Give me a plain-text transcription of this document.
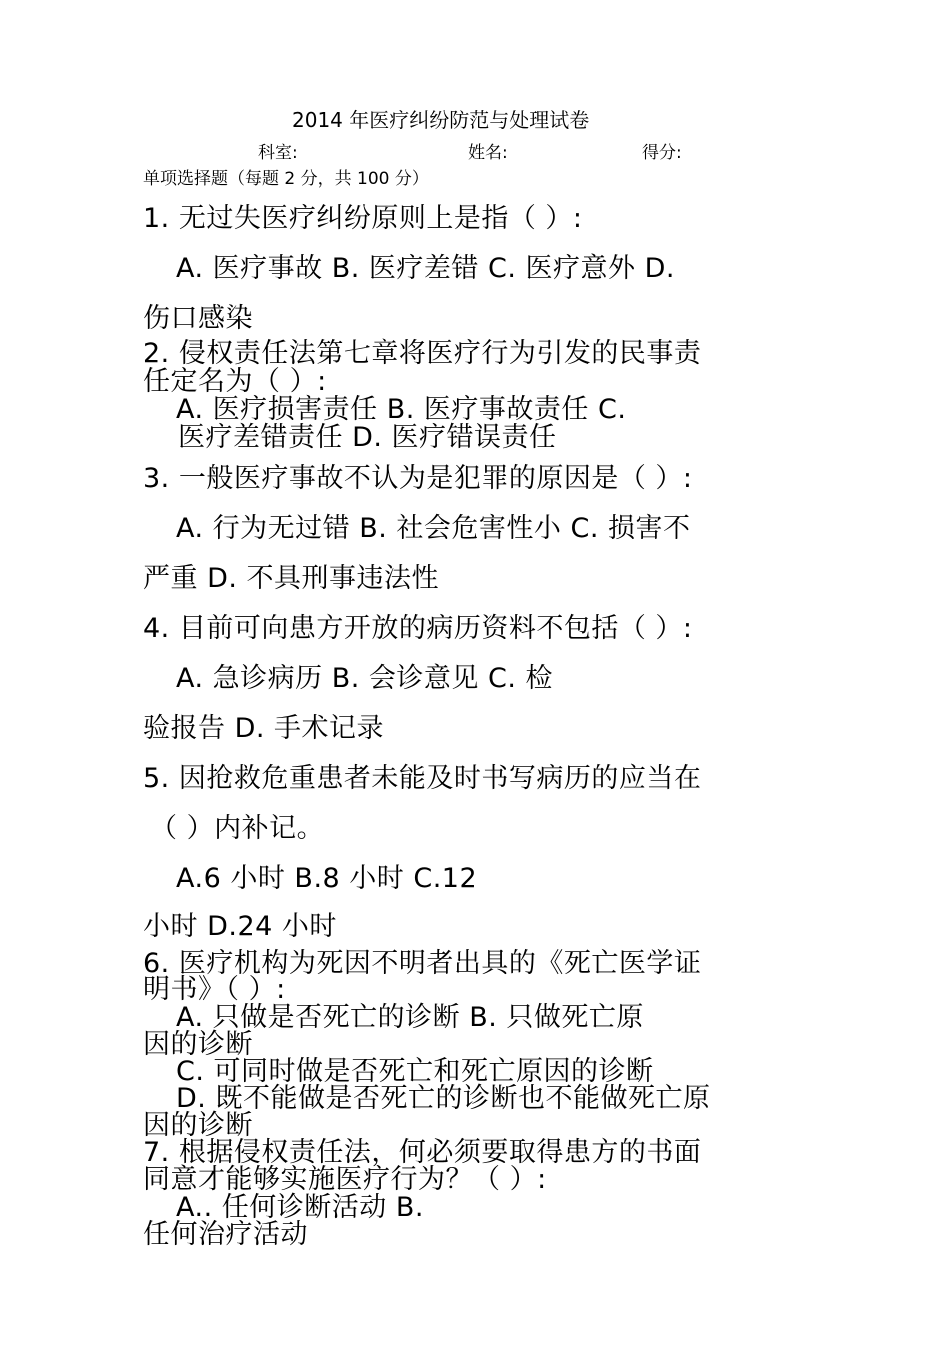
2014 年医疗纠纷防范与处理试卷
科室:	姓名:	得分:
单项选择题（每题 2 分，共 100 分）
1. 无过失医疗纠纷原则上是指（ ）:
A. 医疗事故 B. 医疗差错 C. 医疗意外 D.
伤口感染
2. 侵权责任法第七章将医疗行为引发的民事责
任定名为（ ）:
A. 医疗损害责任 B. 医疗事故责任 C.
医疗差错责任 D. 医疗错误责任
3. 一般医疗事故不认为是犯罪的原因是（ ）:
A. 行为无过错 B. 社会危害性小 C. 损害不
严重 D. 不具刑事违法性
4. 目前可向患方开放的病历资料不包括（ ）:
A. 急诊病历 B. 会诊意见 C. 检
验报告 D. 手术记录
5. 因抢救危重患者未能及时书写病历的应当在
（ ）内补记。
A.6 小时 B.8 小时 C.12
小时 D.24 小时
6. 医疗机构为死因不明者出具的《死亡医学证
明书》（ ）:
A. 只做是否死亡的诊断 B. 只做死亡原
因的诊断
C. 可同时做是否死亡和死亡原因的诊断
D. 既不能做是否死亡的诊断也不能做死亡原
因的诊断
7. 根据侵权责任法，何必须要取得患方的书面
同意才能够实施医疗行为？（ ）:
A.. 任何诊断活动 B.
任何治疗活动
